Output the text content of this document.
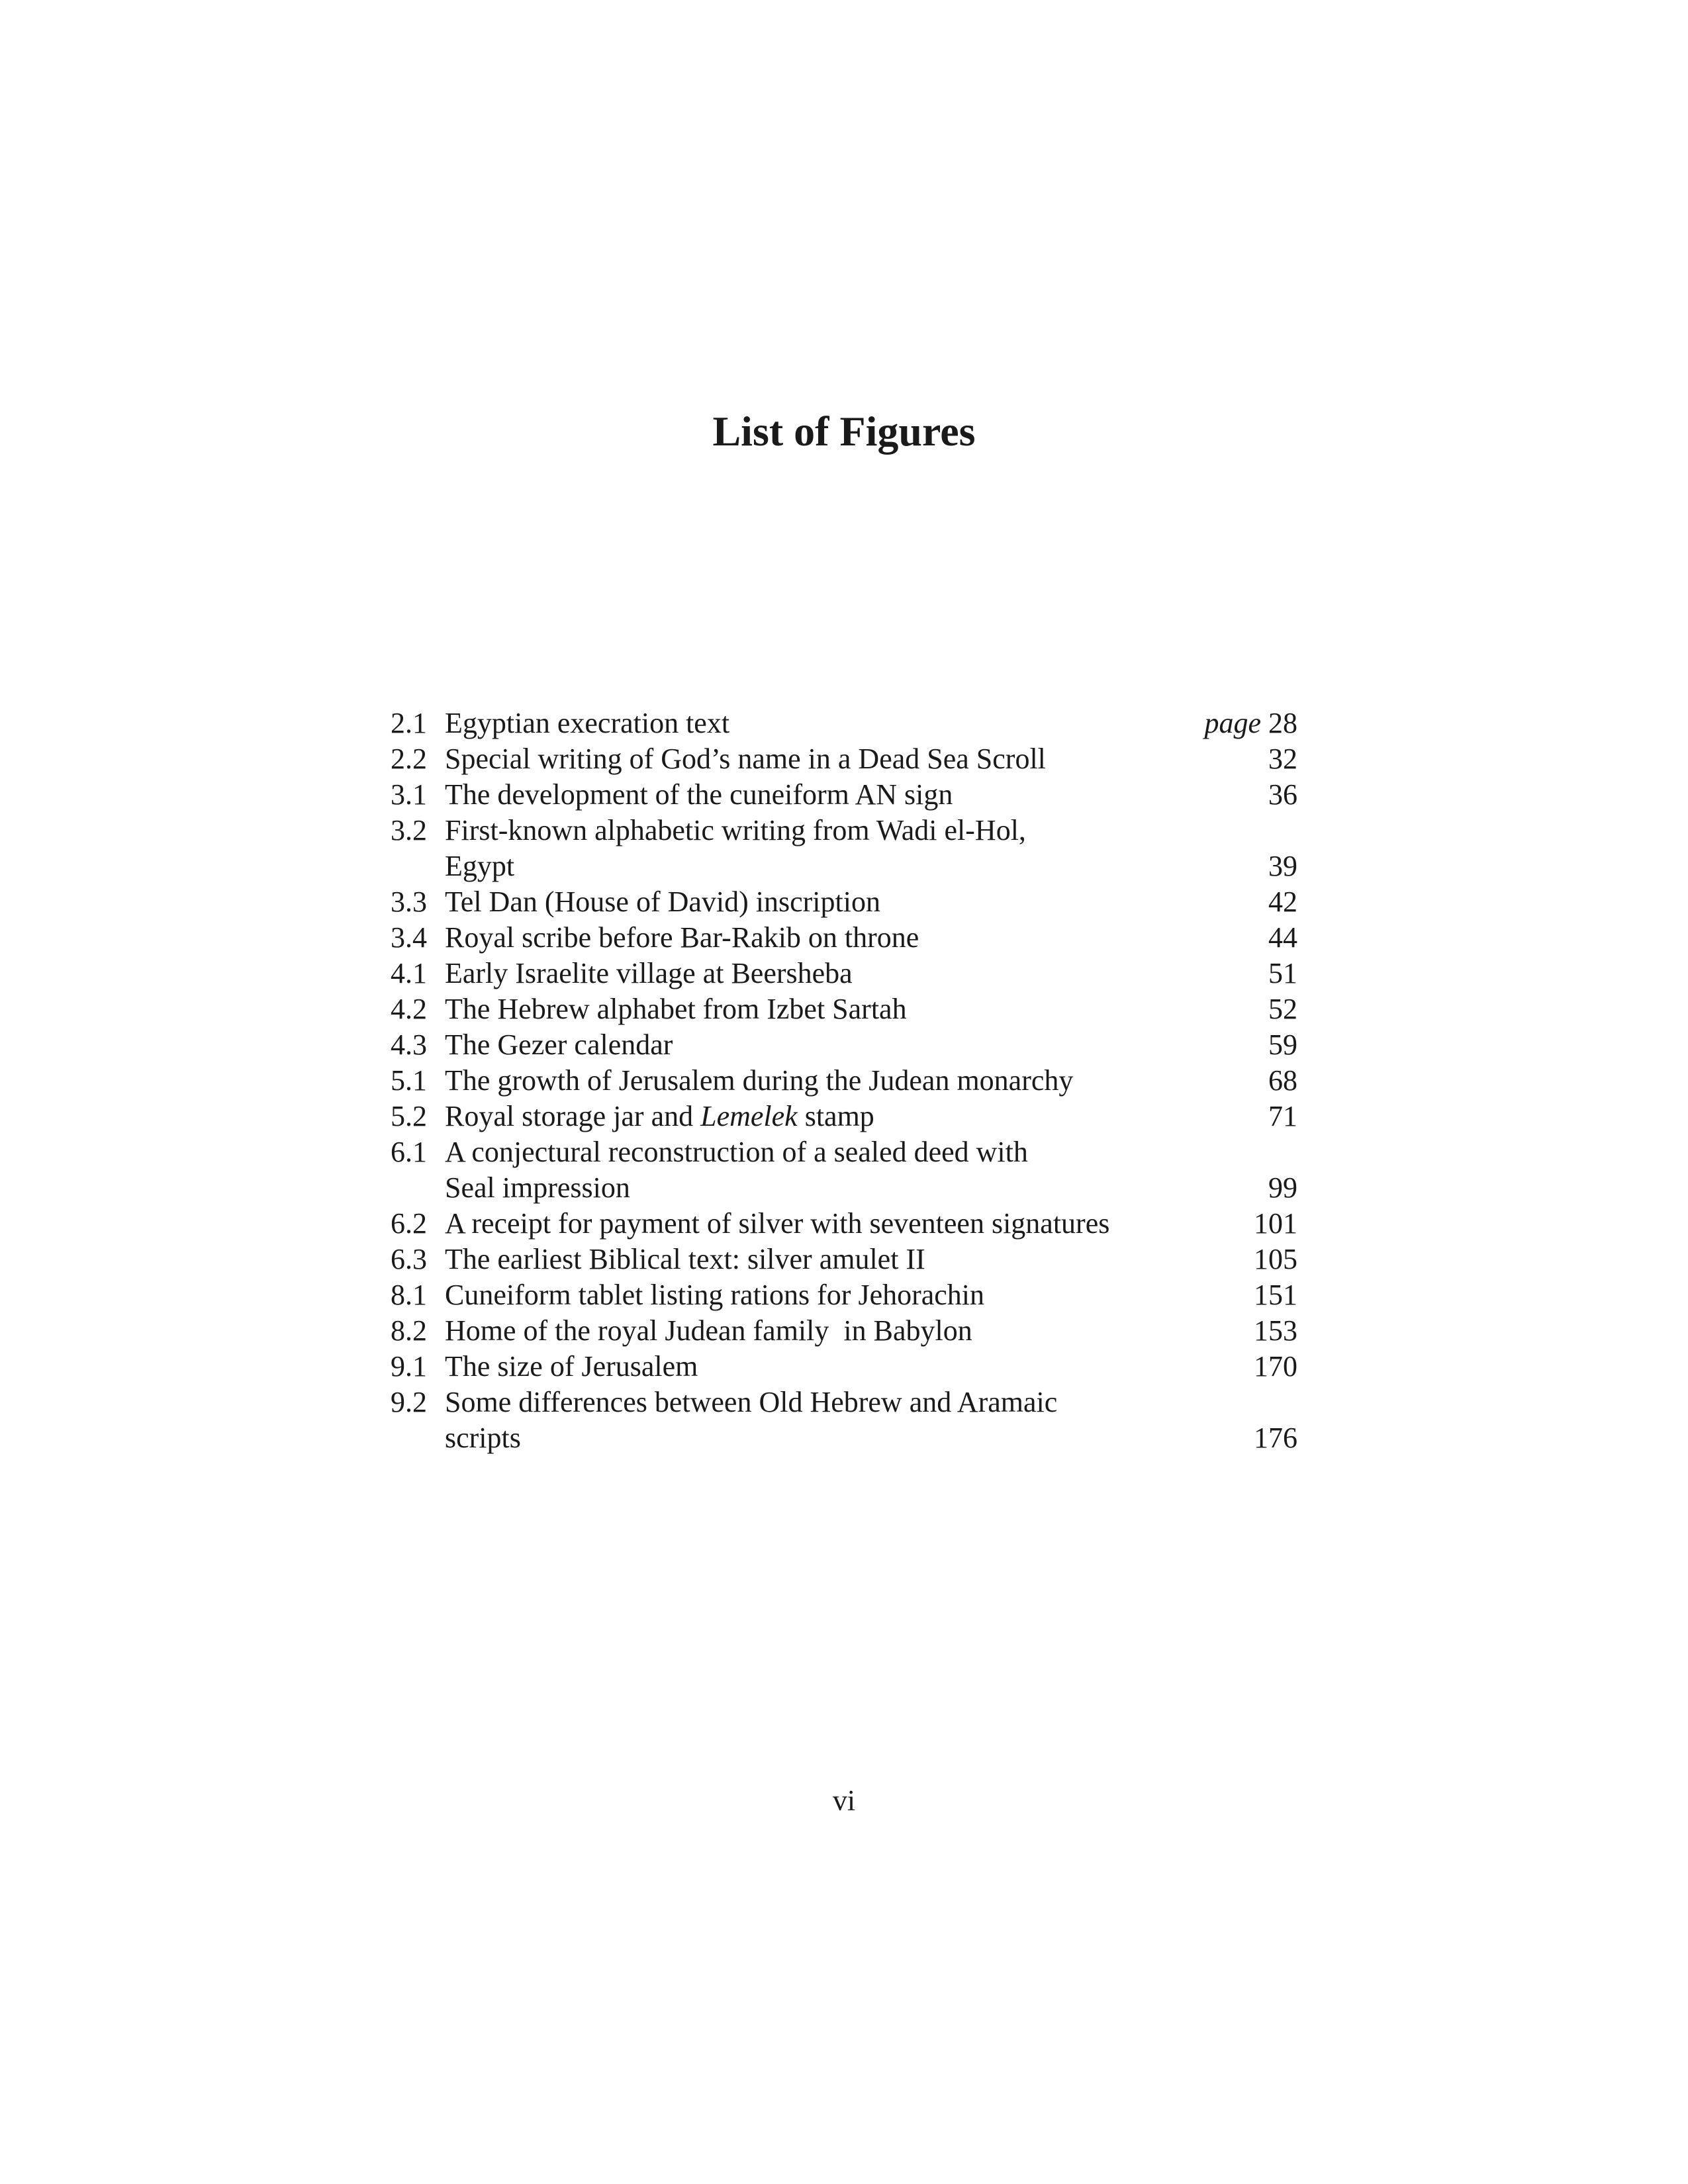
List of Figures
2.1 Egyptian execration text	page 28
2.2 Special writing of God’s name in a Dead Sea Scroll	32
3.1 The development of the cuneiform AN sign	36
3.2 First-known alphabetic writing from Wadi el-Hol,
Egypt	39
3.3 Tel Dan (House of David) inscription	42
3.4 Royal scribe before Bar-Rakib on throne	44
4.1 Early Israelite village at Beersheba	51
4.2 The Hebrew alphabet from Izbet Sartah	52
4.3 The Gezer calendar	59
5.1 The growth of Jerusalem during the Judean monarchy	68
5.2 Royal storage jar and Lemelek stamp	71
6.1 A conjectural reconstruction of a sealed deed with
Seal impression	99
6.2 A receipt for payment of silver with seventeen signatures	101
6.3 The earliest Biblical text: silver amulet II	105
8.1 Cuneiform tablet listing rations for Jehorachin	151
8.2 Home of the royal Judean family  in Babylon	153
9.1 The size of Jerusalem	170
9.2 Some differences between Old Hebrew and Aramaic
scripts	176
vi
